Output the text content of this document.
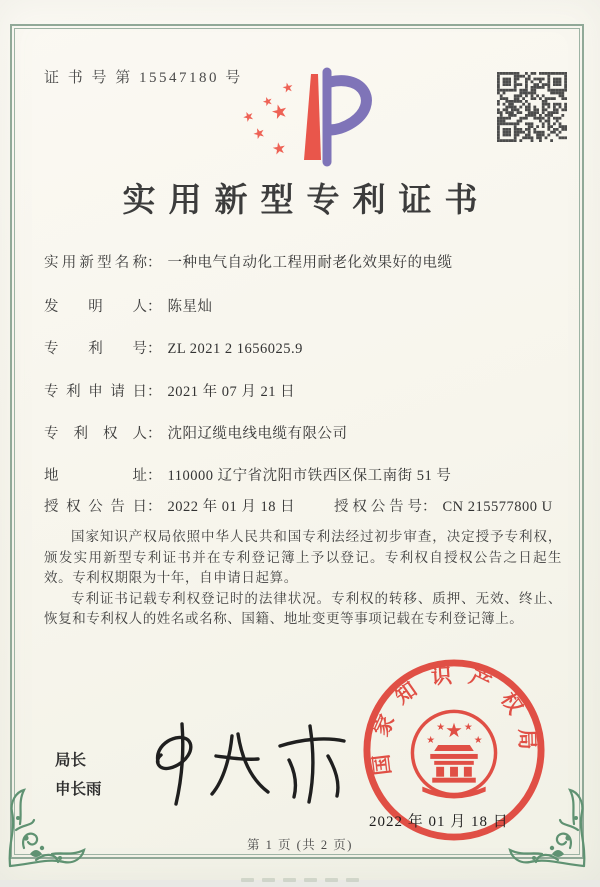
证 书 号 第 15547180 号
★
★
★ ★
★
★
实用新型专利证书
实用新型名称： 一种电气自动化工程用耐老化效果好的电缆
发明人： 陈星灿
专利号： ZL 2021 2 1656025.9
专利申请日： 2021 年 07 月 21 日
专利权人： 沈阳辽缆电线电缆有限公司
地址： 110000 辽宁省沈阳市铁西区保工南街 51 号
授权公告日： 2022 年 01 月 18 日	授权公告号： CN 215577800 U

国家知识产权局依照中华人民共和国专利法经过初步审查，决定授予专利权，颁发实用新型专利证书并在专利登记簿上予以登记。专利权自授权公告之日起生效。专利权期限为十年，自申请日起算。

专利证书记载专利权登记时的法律状况。专利权的转移、质押、无效、终止、恢复和专利权人的姓名或名称、国籍、地址变更等事项记载在专利登记簿上。

局长
申长雨
国家知识产权局
★
★
★ ★
★
2022 年 01 月 18 日
第 1 页 (共 2 页)
